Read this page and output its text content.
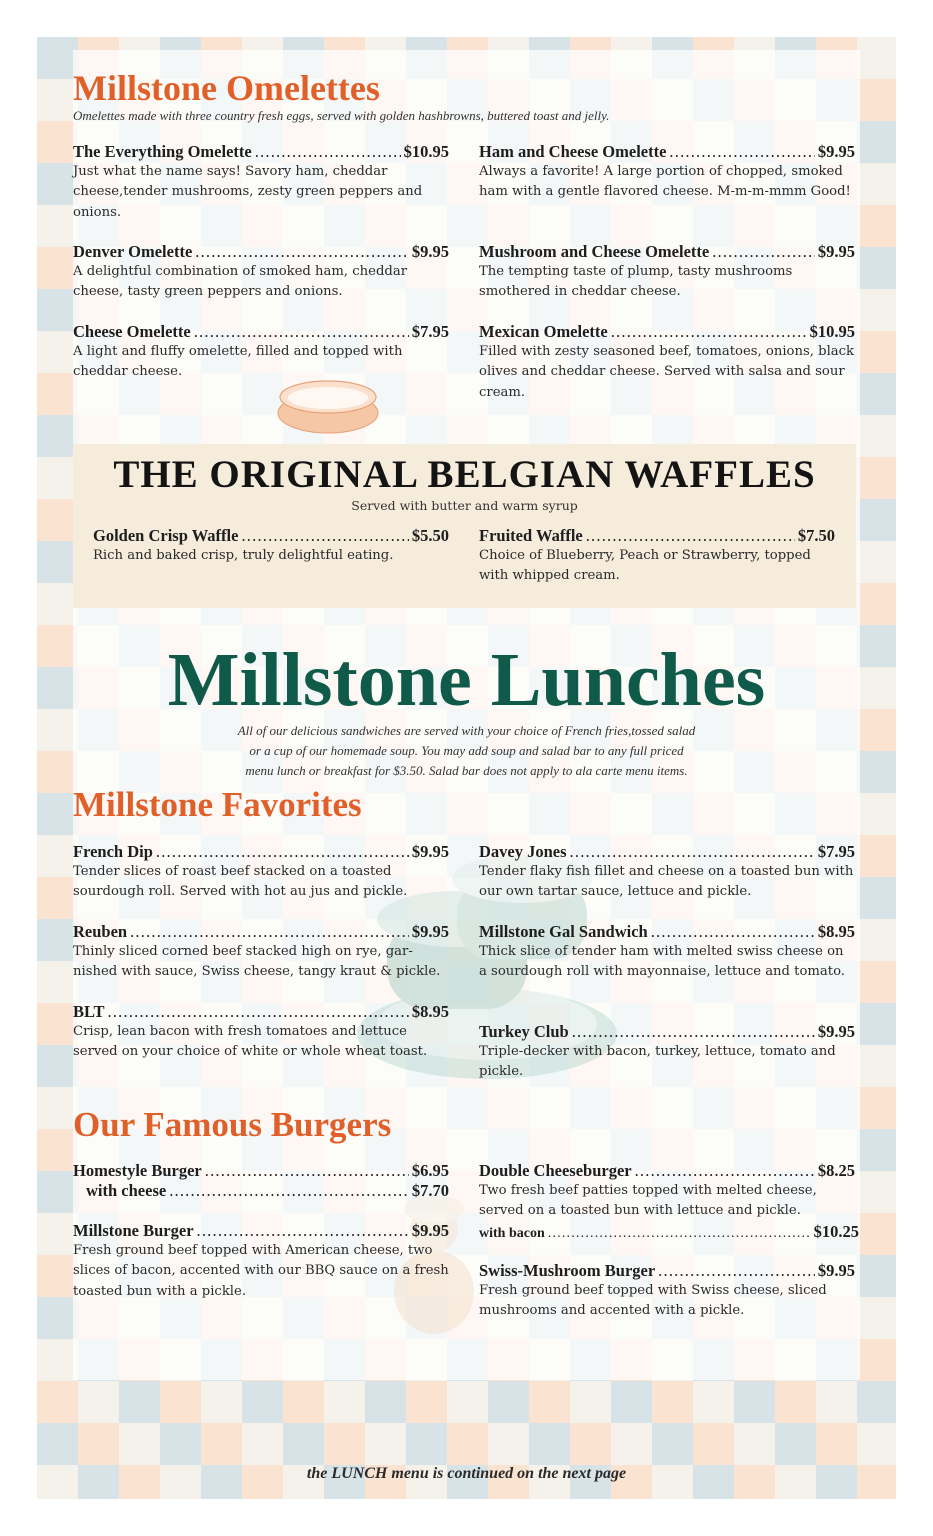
Millstone Omelettes
Omelettes made with three country fresh eggs, served with golden hashbrowns, buttered toast and jelly.
The Everything Omelette .....	$10.95

Just what the name says! Savory ham, cheddar cheese,tender mushrooms, zesty green peppers and onions.

Denver Omelette .....	$9.95

A delightful combination of smoked ham, cheddar cheese, tasty green peppers and onions.

Cheese Omelette .....	$7.95

A light and fluffy omelette, filled and topped with cheddar cheese.

Ham and Cheese Omelette .....	$9.95

Always a favorite! A large portion of chopped, smoked ham with a gentle flavored cheese. M-m-m-mmm Good!

Mushroom and Cheese Omelette .....	$9.95

The tempting taste of plump, tasty mushrooms smothered in cheddar cheese.

Mexican Omelette .....	$10.95

Filled with zesty seasoned beef, tomatoes, onions, black olives and cheddar cheese. Served with salsa and sour cream.

THE ORIGINAL BELGIAN WAFFLES
Served with butter and warm syrup
Golden Crisp Waffle .....	$5.50

Rich and baked crisp, truly delightful eating.

Fruited Waffle .....	$7.50

Choice of Blueberry, Peach or Strawberry, topped with whipped cream.

Millstone Lunches
All of our delicious sandwiches are served with your choice of French fries,tossed salad
or a cup of our homemade soup. You may add soup and salad bar to any full priced
menu lunch or breakfast for $3.50. Salad bar does not apply to ala carte menu items.
Millstone Favorites
French Dip .....	$9.95

Tender slices of roast beef stacked on a toasted sourdough roll. Served with hot au jus and pickle.

Reuben .....	$9.95

Thinly sliced corned beef stacked high on rye, gar-nished with sauce, Swiss cheese, tangy kraut & pickle.

BLT .....	$8.95

Crisp, lean bacon with fresh tomatoes and lettuce served on your choice of white or whole wheat toast.

Davey Jones .....	$7.95

Tender flaky fish fillet and cheese on a toasted bun with our own tartar sauce, lettuce and pickle.

Millstone Gal Sandwich .....	$8.95

Thick slice of tender ham with melted swiss cheese on a sourdough roll with mayonnaise, lettuce and tomato.

Turkey Club .....	$9.95

Triple-decker with bacon, turkey, lettuce, tomato and pickle.

Our Famous Burgers
Homestyle Burger .....	$6.95
with cheese .....	$7.70
Millstone Burger .....	$9.95

Fresh ground beef topped with American cheese, two slices of bacon, accented with our BBQ sauce on a fresh toasted bun with a pickle.

Double Cheeseburger .....	$8.25

Two fresh beef patties topped with melted cheese, served on a toasted bun with lettuce and pickle.

with bacon .....	$10.25
Swiss-Mushroom Burger .....	$9.95

Fresh ground beef topped with Swiss cheese, sliced mushrooms and accented with a pickle.

the LUNCH menu is continued on the next page
